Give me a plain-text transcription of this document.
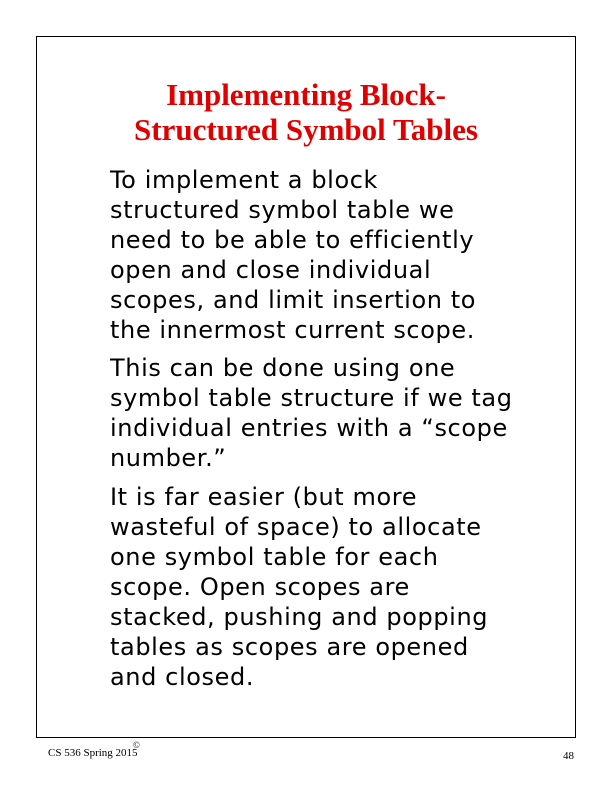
Implementing Block-
Structured Symbol Tables
To implement a block
structured symbol table we
need to be able to efficiently
open and close individual
scopes, and limit insertion to
the innermost current scope.
This can be done using one
symbol table structure if we tag
individual entries with a “scope
number.”
It is far easier (but more
wasteful of space) to allocate
one symbol table for each
scope. Open scopes are
stacked, pushing and popping
tables as scopes are opened
and closed.
CS 536 Spring 2015
©
48
